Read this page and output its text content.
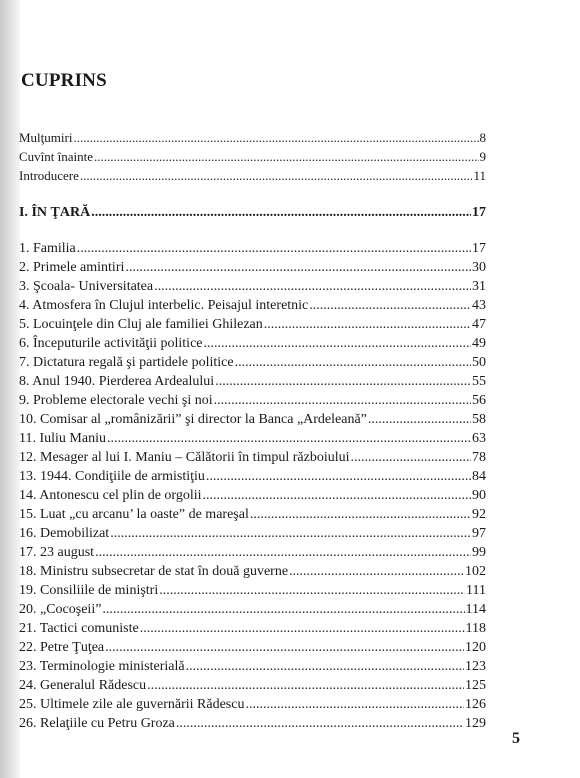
CUPRINS
Mulţumiri .....	8
Cuvînt înainte .....	9
Introducere .....	11
I. ÎN ŢARĂ .....	17
1. Familia .....	17
2. Primele amintiri .....	30
3. Şcoala- Universitatea .....	31
4. Atmosfera în Clujul interbelic. Peisajul interetnic .....	43
5. Locuinţele din Cluj ale familiei Ghilezan .....	47
6. Începuturile activităţii politice .....	49
7. Dictatura regală şi partidele politice .....	50
8. Anul 1940. Pierderea Ardealului .....	55
9. Probleme electorale vechi şi noi .....	56
10. Comisar al „românizării” şi director la Banca „Ardeleană” .....	58
11. Iuliu Maniu .....	63
12. Mesager al lui I. Maniu – Călătorii în timpul războiului .....	78
13. 1944. Condiţiile de armistiţiu .....	84
14. Antonescu cel plin de orgolii .....	90
15. Luat „cu arcanu’ la oaste” de mareşal .....	92
16. Demobilizat .....	97
17. 23 august .....	99
18. Ministru subsecretar de stat în două guverne .....	102
19. Consiliile de miniştri .....	111
20. „Cocoşeii” .....	114
21. Tactici comuniste .....	118
22. Petre Ţuţea .....	120
23. Terminologie ministerială .....	123
24. Generalul Rădescu .....	125
25. Ultimele zile ale guvernării Rădescu .....	126
26. Relaţiile cu Petru Groza .....	129
5
